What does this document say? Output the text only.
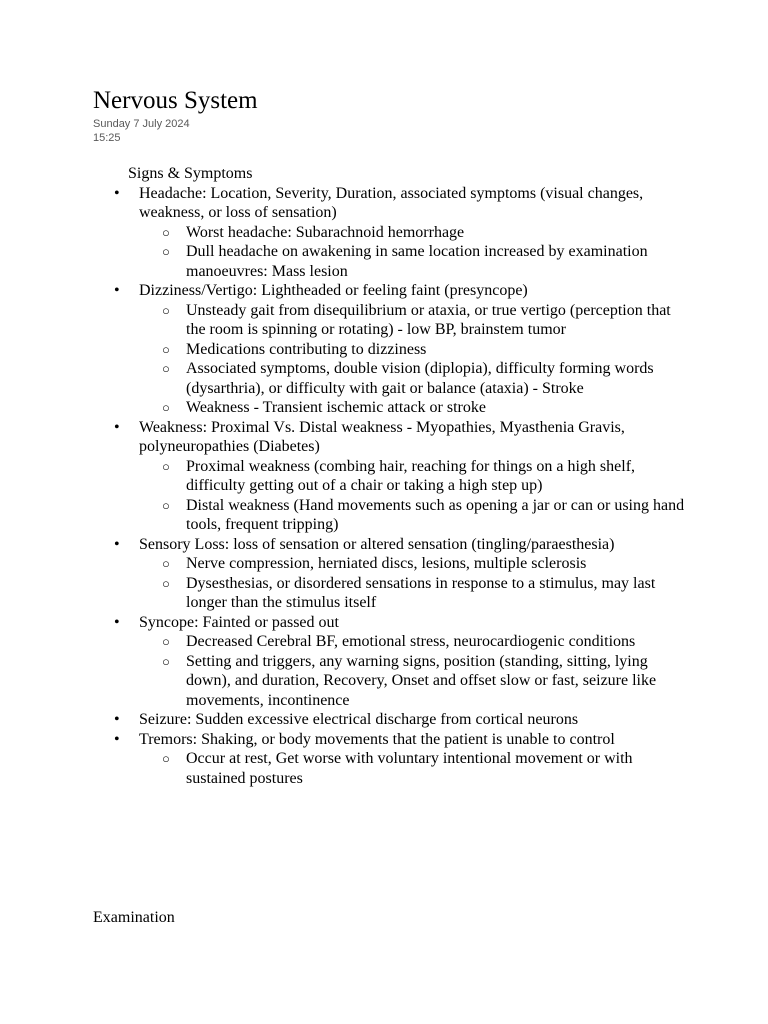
Nervous System
Sunday 7 July 2024
15:25
Signs & Symptoms
• Headache: Location, Severity, Duration, associated symptoms (visual changes, weakness, or loss of sensation)
○ Worst headache: Subarachnoid hemorrhage
○ Dull headache on awakening in same location increased by examination manoeuvres: Mass lesion
• Dizziness/Vertigo: Lightheaded or feeling faint (presyncope)
○ Unsteady gait from disequilibrium or ataxia, or true vertigo (perception that the room is spinning or rotating) - low BP, brainstem tumor
○ Medications contributing to dizziness
○ Associated symptoms, double vision (diplopia), difficulty forming words (dysarthria), or difficulty with gait or balance (ataxia) - Stroke
○ Weakness - Transient ischemic attack or stroke
• Weakness: Proximal Vs. Distal weakness - Myopathies, Myasthenia Gravis, polyneuropathies (Diabetes)
○ Proximal weakness (combing hair, reaching for things on a high shelf, difficulty getting out of a chair or taking a high step up)
○ Distal weakness (Hand movements such as opening a jar or can or using hand tools, frequent tripping)
• Sensory Loss: loss of sensation or altered sensation (tingling/paraesthesia)
○ Nerve compression, herniated discs, lesions, multiple sclerosis
○ Dysesthesias, or disordered sensations in response to a stimulus, may last longer than the stimulus itself
• Syncope: Fainted or passed out
○ Decreased Cerebral BF, emotional stress, neurocardiogenic conditions
○ Setting and triggers, any warning signs, position (standing, sitting, lying down), and duration, Recovery, Onset and offset slow or fast, seizure like movements, incontinence
• Seizure: Sudden excessive electrical discharge from cortical neurons
• Tremors: Shaking, or body movements that the patient is unable to control
○ Occur at rest, Get worse with voluntary intentional movement or with sustained postures
Examination
